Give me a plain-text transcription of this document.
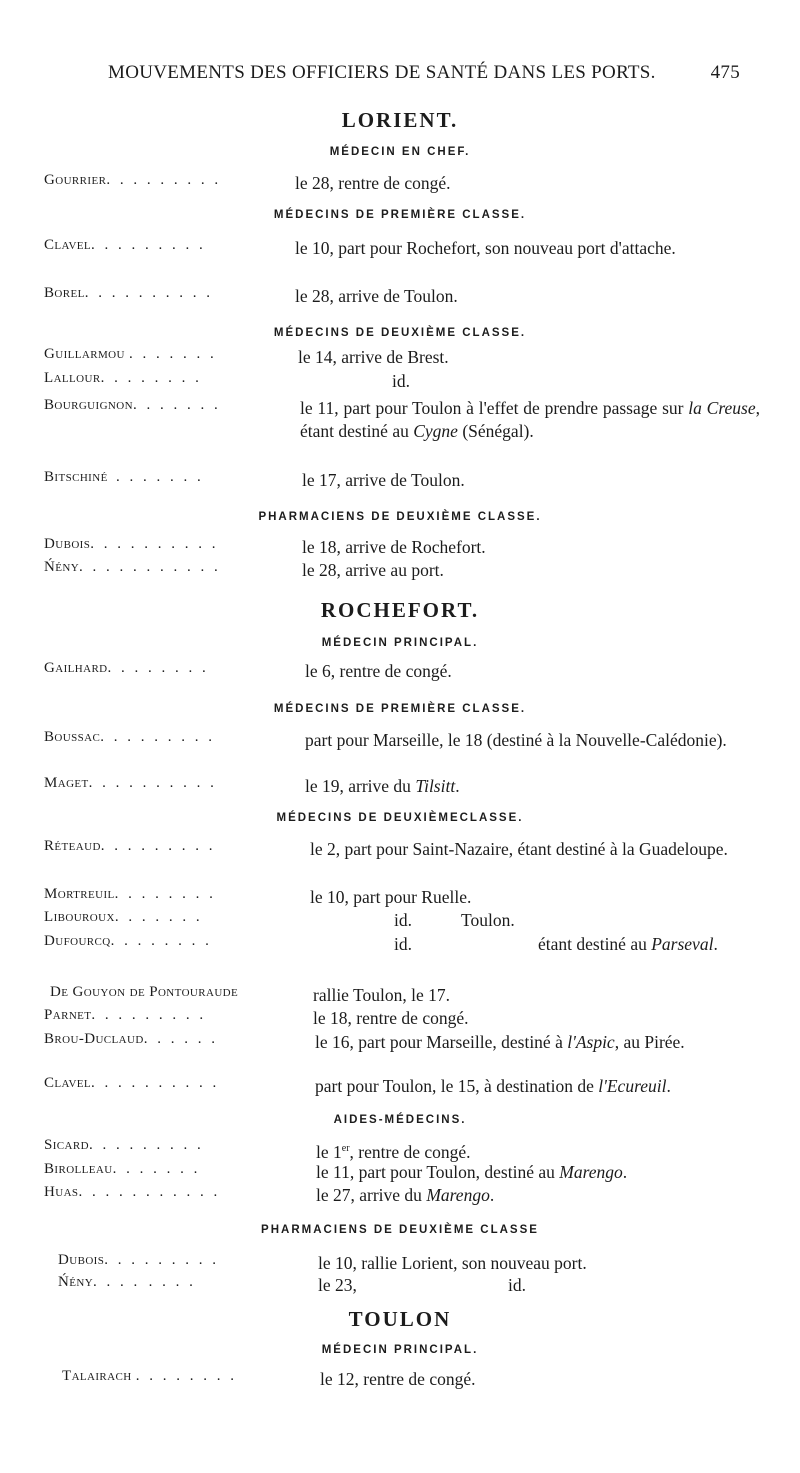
MOUVEMENTS DES OFFICIERS DE SANTÉ DANS LES PORTS.	475
LORIENT.
MÉDECIN EN CHEF.
Gourrier. . . . . . . . .	le 28, rentre de congé.
MÉDECINS DE PREMIÈRE CLASSE.
Clavel. . . . . . . . .	le 10, part pour Rochefort, son nouveau port d'attache.
Borel. . . . . . . . . .	le 28, arrive de Toulon.
MÉDECINS DE DEUXIÈME CLASSE.
Guillarmou . . . . . . .	le 14, arrive de Brest.
Lallour. . . . . . . .	id.
Bourguignon. . . . . . .	le 11, part pour Toulon à l'effet de prendre passage sur la Creuse, étant destiné au Cygne (Sénégal).
Bitschiné . . . . . . .	le 17, arrive de Toulon.
PHARMACIENS DE DEUXIÈME CLASSE.
Dubois. . . . . . . . . .	le 18, arrive de Rochefort.
Ńény. . . . . . . . . . .	le 28, arrive au port.
ROCHEFORT.
MÉDECIN PRINCIPAL.
Gailhard. . . . . . . .	le 6, rentre de congé.
MÉDECINS DE PREMIÈRE CLASSE.
Boussac. . . . . . . . .	part pour Marseille, le 18 (destiné à la Nouvelle-Calédonie).
Maget. . . . . . . . . .	le 19, arrive du Tilsitt.
MÉDECINS DE DEUXIÈMECLASSE.
Réteaud. . . . . . . . .	le 2, part pour Saint-Nazaire, étant destiné à la Guadeloupe.
Mortreuil. . . . . . . .	le 10, part pour Ruelle.
Libouroux. . . . . . .	id.	Toulon.
Dufourcq. . . . . . . .	id.	étant destiné au Parseval.
De Gouyon de Pontouraude	rallie Toulon, le 17.
Parnet. . . . . . . . .	le 18, rentre de congé.
Brou-Duclaud. . . . . .	le 16, part pour Marseille, destiné à l'Aspic, au Pirée.
Clavel. . . . . . . . . .	part pour Toulon, le 15, à destination de l'Ecureuil.
AIDES-MÉDECINS.
Sicard. . . . . . . . .	le 1er, rentre de congé.
Birolleau. . . . . . .	le 11, part pour Toulon, destiné au Marengo.
Huas. . . . . . . . . . .	le 27, arrive du Marengo.
PHARMACIENS DE DEUXIÈME CLASSE
Dubois. . . . . . . . .	le 10, rallie Lorient, son nouveau port.
Ńény. . . . . . . .	le 23,	id.
TOULON
MÉDECIN PRINCIPAL.
Talairach . . . . . . . .	le 12, rentre de congé.
